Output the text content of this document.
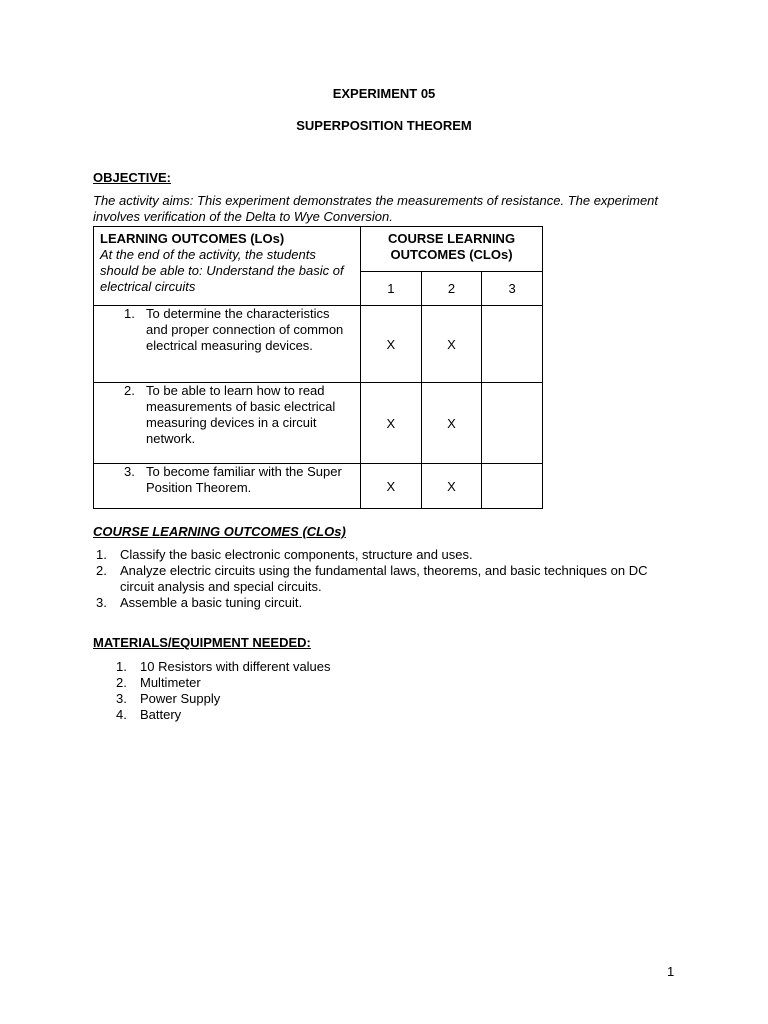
EXPERIMENT 05
SUPERPOSITION THEOREM
OBJECTIVE:
The activity aims: This experiment demonstrates the measurements of resistance. The experiment involves verification of the Delta to Wye Conversion.
LEARNING OUTCOMES (LOs)
At the end of the activity, the students should be able to: Understand the basic of electrical circuits	COURSE LEARNING OUTCOMES (CLOs)		

	1	2	3

1. To determine the characteristics and proper connection of common electrical measuring devices.	X	X	

2. To be able to learn how to read measurements of basic electrical measuring devices in a circuit network.	X	X	

3. To become familiar with the Super Position Theorem.	X	X	
COURSE LEARNING OUTCOMES (CLOs)
1.	Classify the basic electronic components, structure and uses.
2.	Analyze electric circuits using the fundamental laws, theorems, and basic techniques on DC circuit analysis and special circuits.
3.	Assemble a basic tuning circuit.
MATERIALS/EQUIPMENT NEEDED:
1.	10 Resistors with different values
2.	Multimeter
3.	Power Supply
4.	Battery
1
